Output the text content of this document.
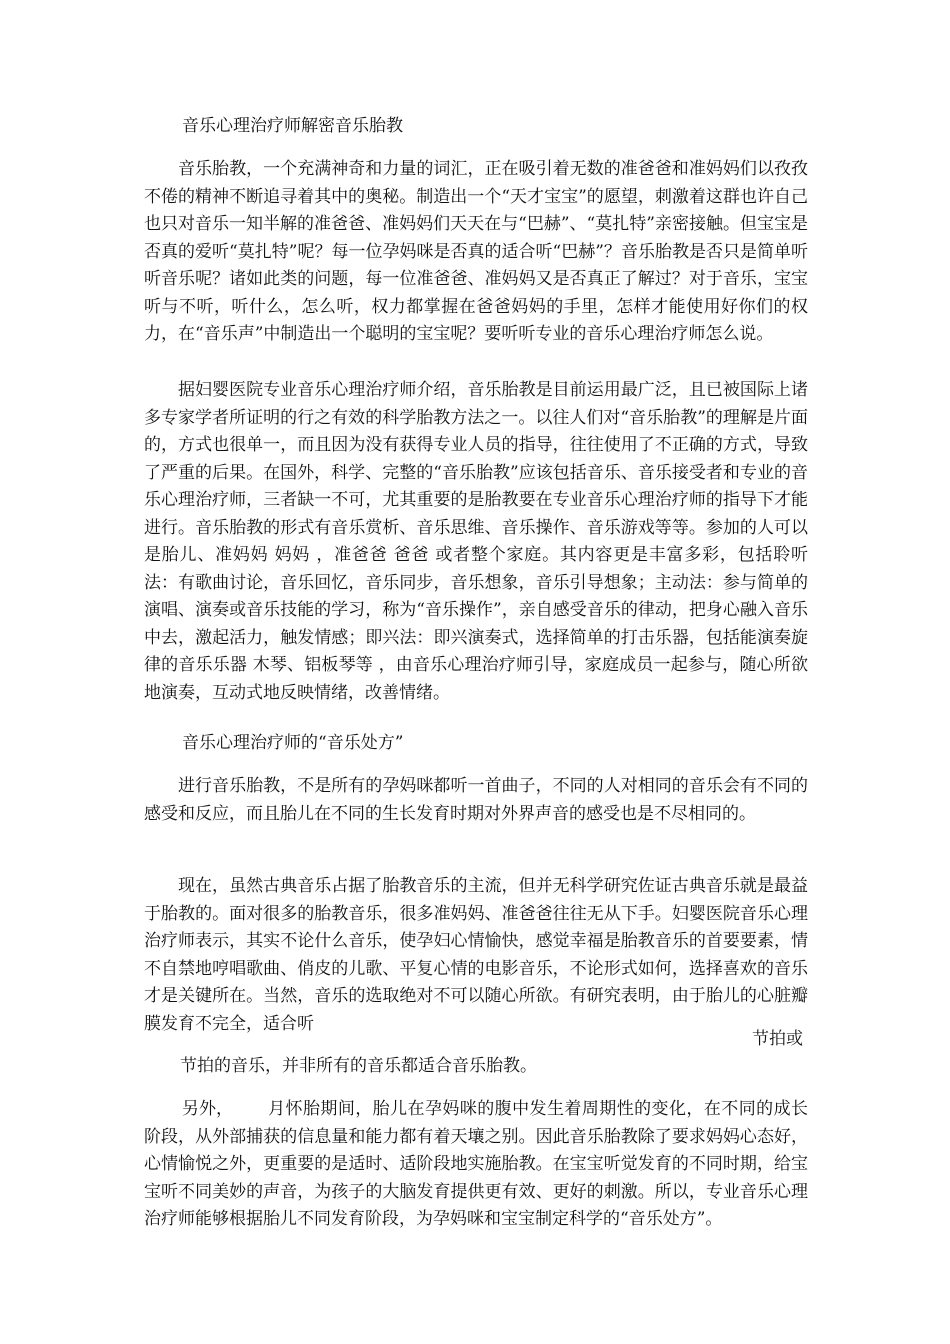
音乐心理治疗师解密音乐胎教

音乐胎教，一个充满神奇和力量的词汇，正在吸引着无数的准爸爸和准妈妈们以孜孜不倦的精神不断追寻着其中的奥秘。制造出一个“天才宝宝”的愿望，刺激着这群也许自己也只对音乐一知半解的准爸爸、准妈妈们天天在与“巴赫”、“莫扎特”亲密接触。但宝宝是否真的爱听“莫扎特”呢？每一位孕妈咪是否真的适合听“巴赫”？音乐胎教是否只是简单听听音乐呢？诸如此类的问题，每一位准爸爸、准妈妈又是否真正了解过？对于音乐，宝宝听与不听，听什么，怎么听，权力都掌握在爸爸妈妈的手里，怎样才能使用好你们的权力，在“音乐声”中制造出一个聪明的宝宝呢？要听听专业的音乐心理治疗师怎么说。

据妇婴医院专业音乐心理治疗师介绍，音乐胎教是目前运用最广泛，且已被国际上诸多专家学者所证明的行之有效的科学胎教方法之一。以往人们对“音乐胎教”的理解是片面的，方式也很单一，而且因为没有获得专业人员的指导，往往使用了不正确的方式，导致了严重的后果。在国外，科学、完整的“音乐胎教”应该包括音乐、音乐接受者和专业的音乐心理治疗师，三者缺一不可，尤其重要的是胎教要在专业音乐心理治疗师的指导下才能进行。音乐胎教的形式有音乐赏析、音乐思维、音乐操作、音乐游戏等等。参加的人可以是胎儿、准妈妈 妈妈 ，准爸爸 爸爸 或者整个家庭。其内容更是丰富多彩，包括聆听法：有歌曲讨论，音乐回忆，音乐同步，音乐想象，音乐引导想象；主动法：参与简单的演唱、演奏或音乐技能的学习，称为“音乐操作”，亲自感受音乐的律动，把身心融入音乐中去，激起活力，触发情感；即兴法：即兴演奏式，选择简单的打击乐器，包括能演奏旋律的音乐乐器 木琴、铝板琴等 ，由音乐心理治疗师引导，家庭成员一起参与，随心所欲地演奏，互动式地反映情绪，改善情绪。

音乐心理治疗师的“音乐处方”

进行音乐胎教，不是所有的孕妈咪都听一首曲子，不同的人对相同的音乐会有不同的感受和反应，而且胎儿在不同的生长发育时期对外界声音的感受也是不尽相同的。

现在，虽然古典音乐占据了胎教音乐的主流，但并无科学研究佐证古典音乐就是最益于胎教的。面对很多的胎教音乐，很多准妈妈、准爸爸往往无从下手。妇婴医院音乐心理治疗师表示，其实不论什么音乐，使孕妇心情愉快，感觉幸福是胎教音乐的首要要素，情不自禁地哼唱歌曲、俏皮的儿歌、平复心情的电影音乐，不论形式如何，选择喜欢的音乐才是关键所在。当然，音乐的选取绝对不可以随心所欲。有研究表明，由于胎儿的心脏瓣膜发育不完全，适合听

节拍或
节拍的音乐，并非所有的音乐都适合音乐胎教。
另外，	月怀胎期间，胎儿在孕妈咪的腹中发生着周期性的变化，在不同的成长阶段，从外部捕获的信息量和能力都有着天壤之别。因此音乐胎教除了要求妈妈心态好，心情愉悦之外，更重要的是适时、适阶段地实施胎教。在宝宝听觉发育的不同时期，给宝宝听不同美妙的声音，为孩子的大脑发育提供更有效、更好的刺激。所以，专业音乐心理治疗师能够根据胎儿不同发育阶段，为孕妈咪和宝宝制定科学的“音乐处方”。
